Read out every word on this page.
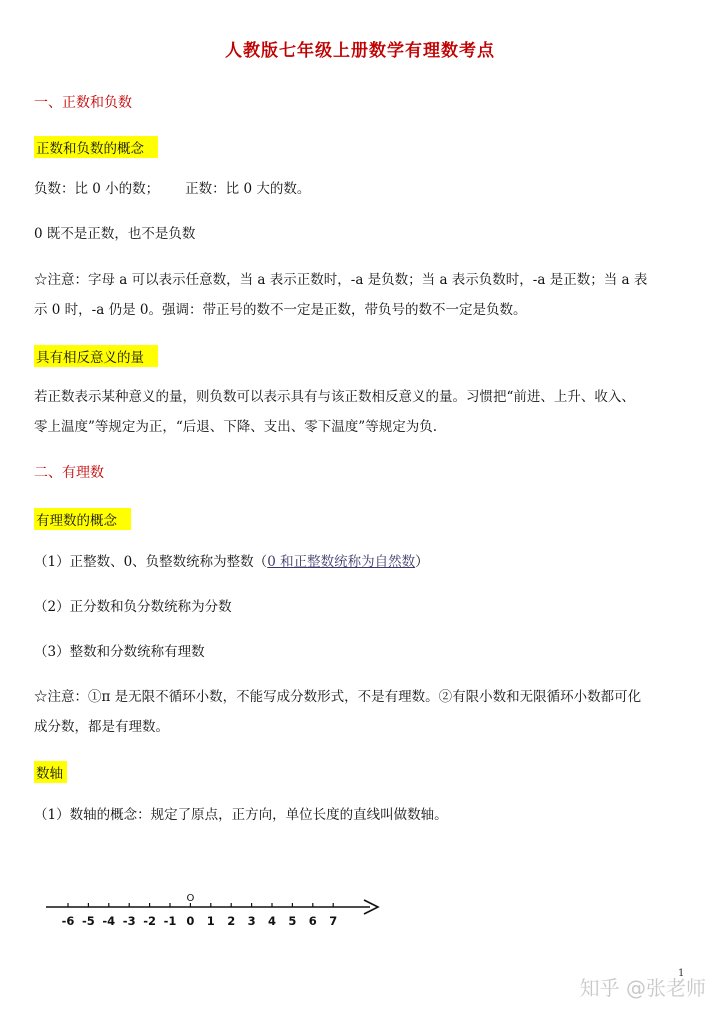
人教版七年级上册数学有理数考点
一、正数和负数
正数和负数的概念
负数：比 0 小的数； 正数：比 0 大的数。
0 既不是正数，也不是负数
☆注意：字母 a 可以表示任意数，当 a 表示正数时，-a 是负数；当 a 表示负数时，-a 是正数；当 a 表
示 0 时，-a 仍是 0。强调：带正号的数不一定是正数，带负号的数不一定是负数。
具有相反意义的量
若正数表示某种意义的量，则负数可以表示具有与该正数相反意义的量。习惯把“前进、上升、收入、
零上温度”等规定为正，“后退、下降、支出、零下温度”等规定为负.
二、有理数
有理数的概念
（1）正整数、0、负整数统称为整数（0 和正整数统称为自然数）
（2）正分数和负分数统称为分数
（3）整数和分数统称有理数
☆注意：①π 是无限不循环小数，不能写成分数形式，不是有理数。②有限小数和无限循环小数都可化
成分数，都是有理数。
数轴
（1）数轴的概念：规定了原点，正方向，单位长度的直线叫做数轴。
O
-6 -5 -4 -3 -2 -1 0 1 2 3 4 5 6 7
1
知乎 @张老师
